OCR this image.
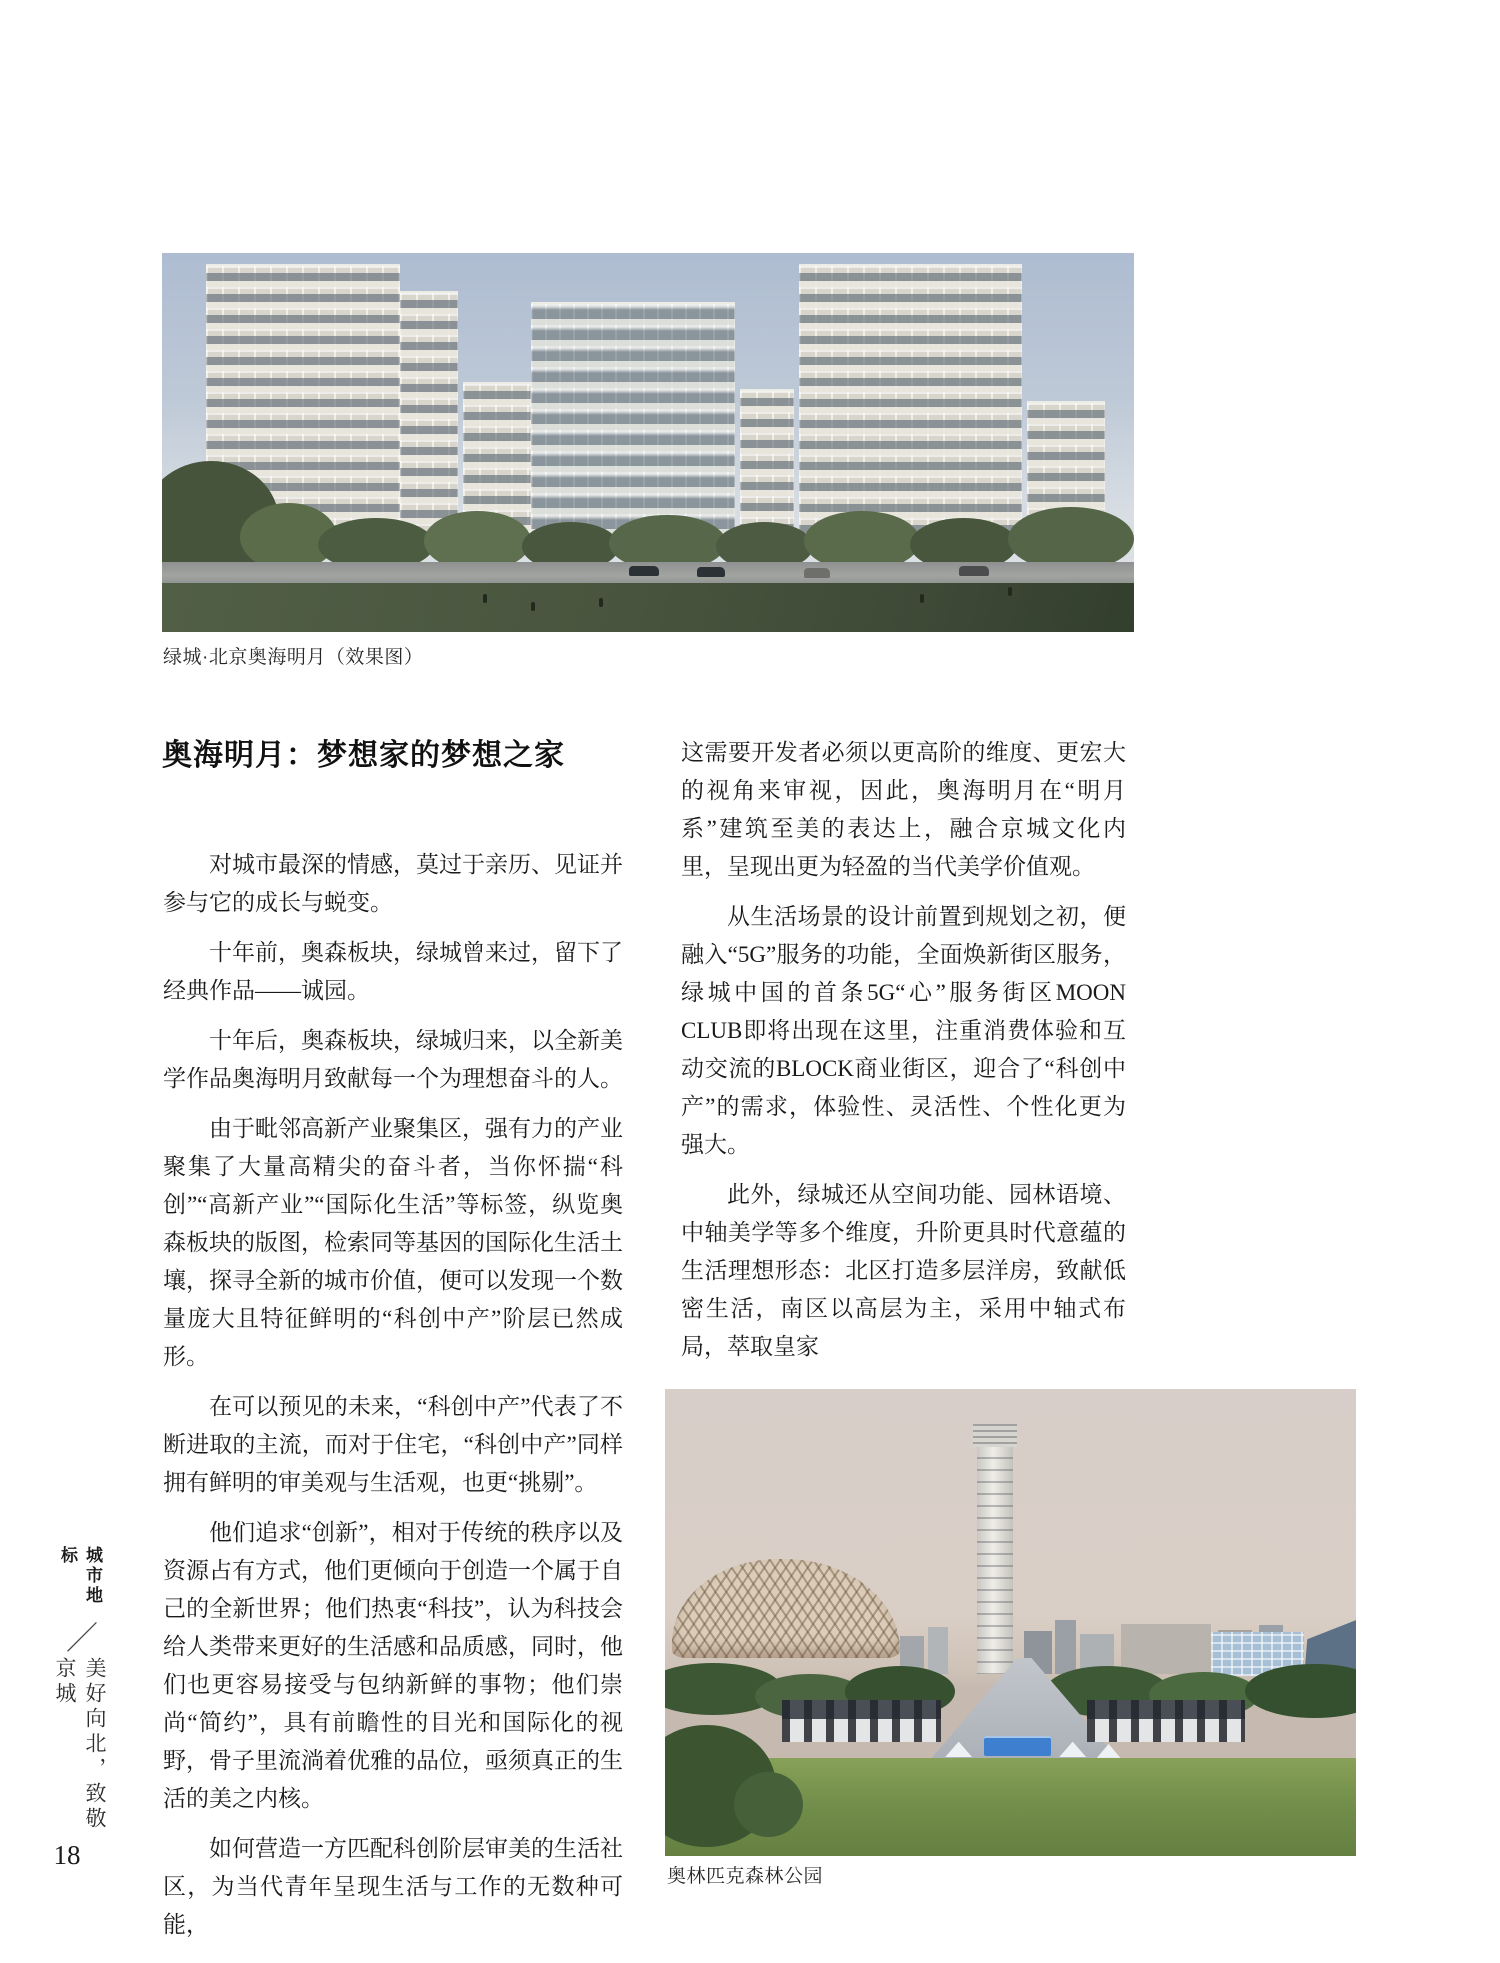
绿城·北京奥海明月（效果图）
奥海明月：梦想家的梦想之家

对城市最深的情感，莫过于亲历、见证并参与它的成长与蜕变。

十年前，奥森板块，绿城曾来过，留下了经典作品——诚园。

十年后，奥森板块，绿城归来，以全新美学作品奥海明月致献每一个为理想奋斗的人。

由于毗邻高新产业聚集区，强有力的产业聚集了大量高精尖的奋斗者，当你怀揣“科创”“高新产业”“国际化生活”等标签，纵览奥森板块的版图，检索同等基因的国际化生活土壤，探寻全新的城市价值，便可以发现一个数量庞大且特征鲜明的“科创中产”阶层已然成形。

在可以预见的未来，“科创中产”代表了不断进取的主流，而对于住宅，“科创中产”同样拥有鲜明的审美观与生活观，也更“挑剔”。

他们追求“创新”，相对于传统的秩序以及资源占有方式，他们更倾向于创造一个属于自己的全新世界；他们热衷“科技”，认为科技会给人类带来更好的生活感和品质感，同时，他们也更容易接受与包纳新鲜的事物；他们崇尚“简约”，具有前瞻性的目光和国际化的视野，骨子里流淌着优雅的品位，亟须真正的生活的美之内核。

如何营造一方匹配科创阶层审美的生活社区，为当代青年呈现生活与工作的无数种可能，

这需要开发者必须以更高阶的维度、更宏大的视角来审视，因此，奥海明月在“明月系”建筑至美的表达上，融合京城文化内里，呈现出更为轻盈的当代美学价值观。

从生活场景的设计前置到规划之初，便融入“5G”服务的功能，全面焕新街区服务，绿城中国的首条5G“心”服务街区MOON CLUB即将出现在这里，注重消费体验和互动交流的BLOCK商业街区，迎合了“科创中产”的需求，体验性、灵活性、个性化更为强大。

此外，绿城还从空间功能、园林语境、中轴美学等多个维度，升阶更具时代意蕴的生活理想形态：北区打造多层洋房，致献低密生活，南区以高层为主，采用中轴式布局，萃取皇家

奥林匹克森林公园
城市地标
／
美好向北，致敬京城
18
